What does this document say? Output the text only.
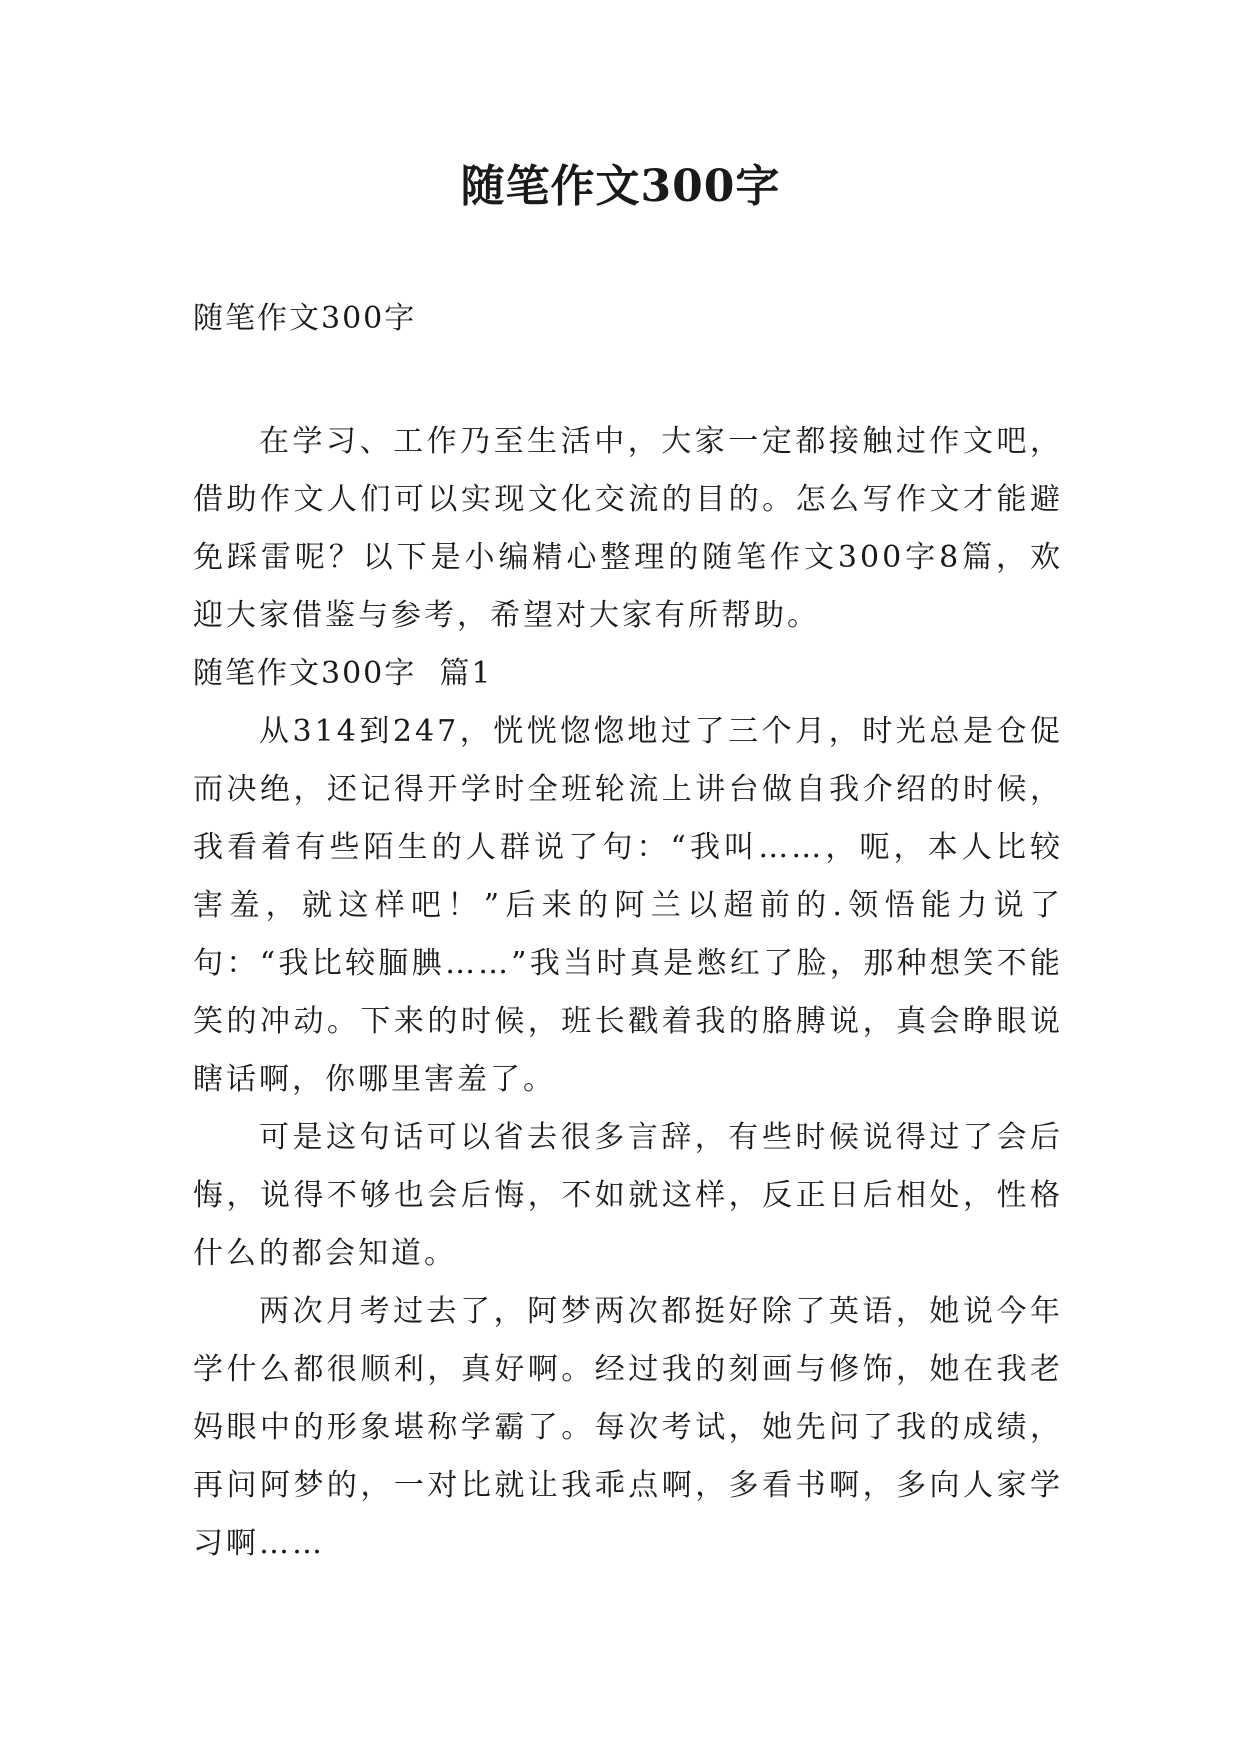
随笔作文300字

随笔作文300字

在学习、工作乃至生活中，大家一定都接触过作文吧，借助作文人们可以实现文化交流的目的。怎么写作文才能避免踩雷呢？以下是小编精心整理的随笔作文300字8篇，欢迎大家借鉴与参考，希望对大家有所帮助。

随笔作文300字  篇1

从314到247，恍恍惚惚地过了三个月，时光总是仓促而决绝，还记得开学时全班轮流上讲台做自我介绍的时候，我看着有些陌生的人群说了句：“我叫……，呃，本人比较害羞，就这样吧！”后来的阿兰以超前的.领悟能力说了句：“我比较腼腆……”我当时真是憋红了脸，那种想笑不能笑的冲动。下来的时候，班长戳着我的胳膊说，真会睁眼说瞎话啊，你哪里害羞了。

可是这句话可以省去很多言辞，有些时候说得过了会后悔，说得不够也会后悔，不如就这样，反正日后相处，性格什么的都会知道。

两次月考过去了，阿梦两次都挺好除了英语，她说今年学什么都很顺利，真好啊。经过我的刻画与修饰，她在我老妈眼中的形象堪称学霸了。每次考试，她先问了我的成绩，再问阿梦的，一对比就让我乖点啊，多看书啊，多向人家学习啊……
